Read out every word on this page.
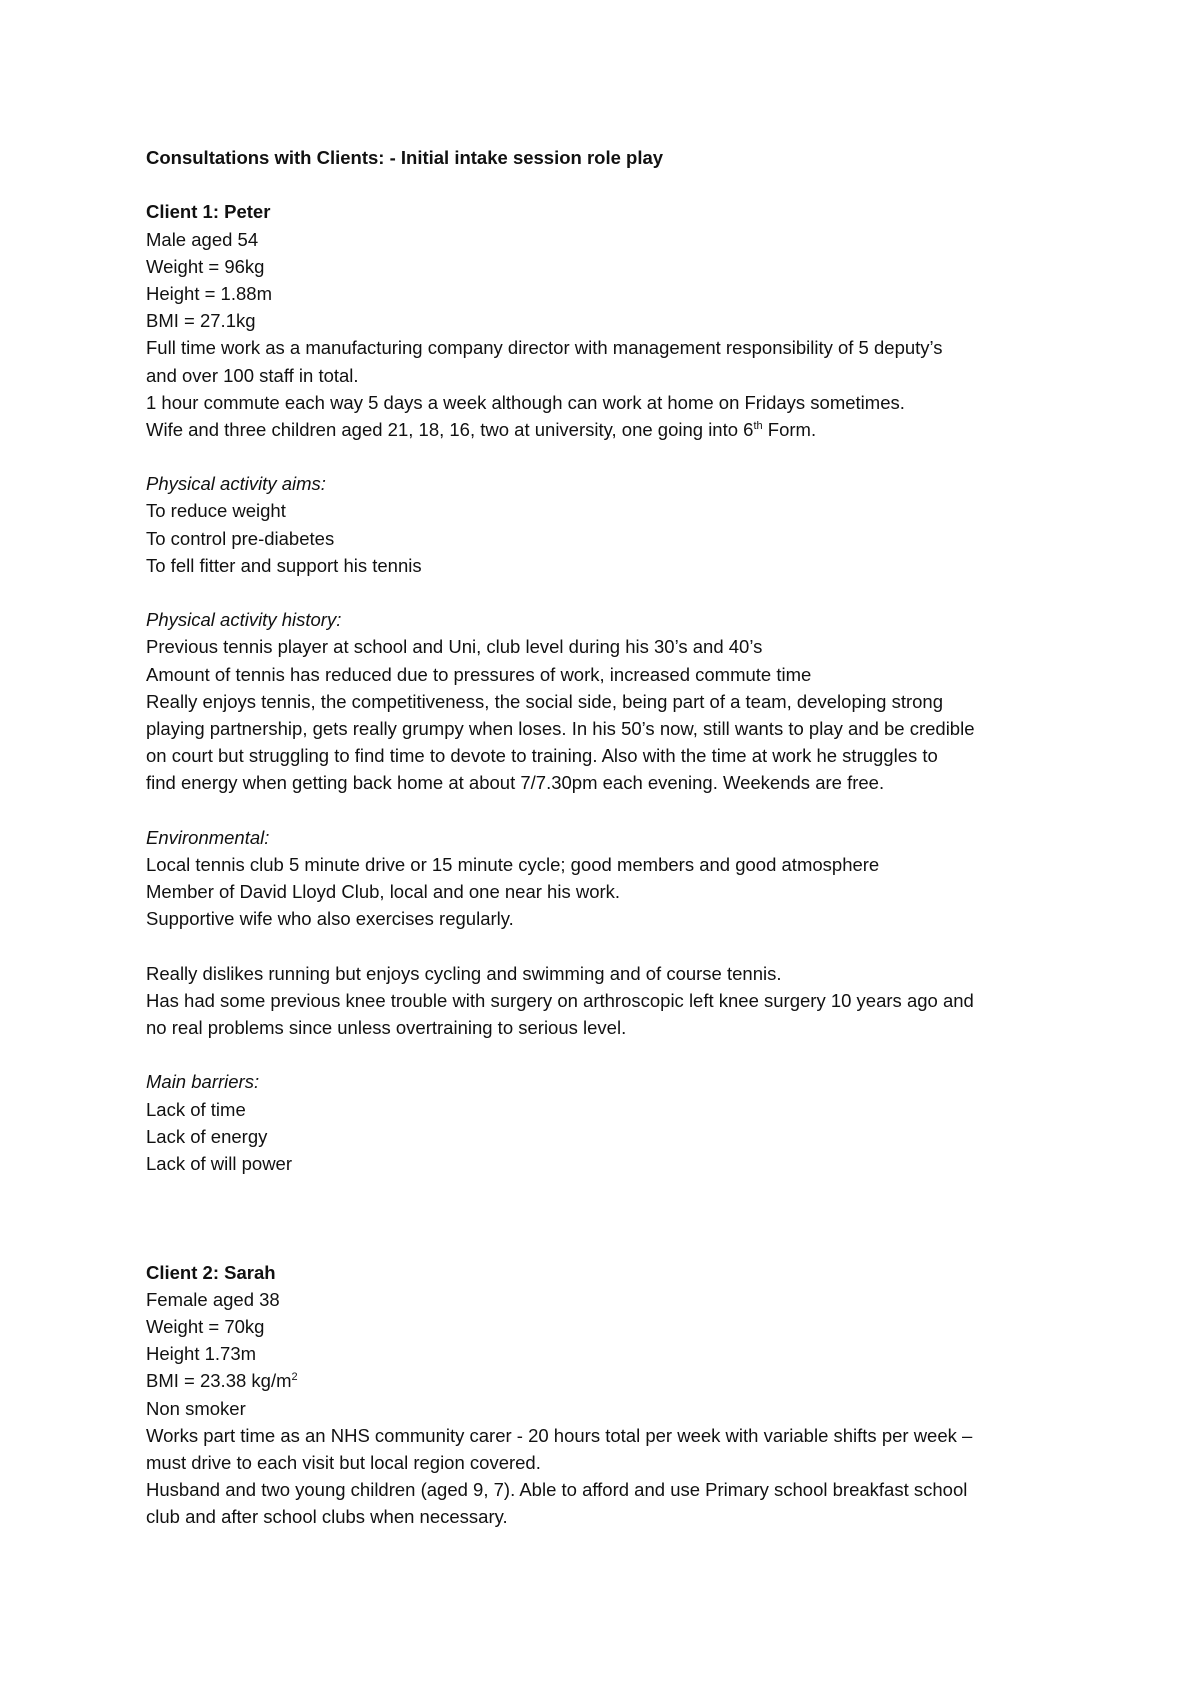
Consultations with Clients: - Initial intake session role play
Client 1: Peter
Male aged 54
Weight = 96kg
Height = 1.88m
BMI = 27.1kg
Full time work as a manufacturing company director with management responsibility of 5 deputy’s
and over 100 staff in total.
1 hour commute each way 5 days a week although can work at home on Fridays sometimes.
Wife and three children aged 21, 18, 16, two at university, one going into 6th Form.
Physical activity aims:
To reduce weight
To control pre-diabetes
To fell fitter and support his tennis
Physical activity history:
Previous tennis player at school and Uni, club level during his 30’s and 40’s
Amount of tennis has reduced due to pressures of work, increased commute time
Really enjoys tennis, the competitiveness, the social side, being part of a team, developing strong
playing partnership, gets really grumpy when loses. In his 50’s now, still wants to play and be credible
on court but struggling to find time to devote to training. Also with the time at work he struggles to
find energy when getting back home at about 7/7.30pm each evening. Weekends are free.
Environmental:
Local tennis club 5 minute drive or 15 minute cycle; good members and good atmosphere
Member of David Lloyd Club, local and one near his work.
Supportive wife who also exercises regularly.
Really dislikes running but enjoys cycling and swimming and of course tennis.
Has had some previous knee trouble with surgery on arthroscopic left knee surgery 10 years ago and
no real problems since unless overtraining to serious level.
Main barriers:
Lack of time
Lack of energy
Lack of will power
Client 2: Sarah
Female aged 38
Weight = 70kg
Height 1.73m
BMI = 23.38 $kg/m^2$
Non smoker
Works part time as an NHS community carer - 20 hours total per week with variable shifts per week –
must drive to each visit but local region covered.
Husband and two young children (aged 9, 7). Able to afford and use Primary school breakfast school
club and after school clubs when necessary.
